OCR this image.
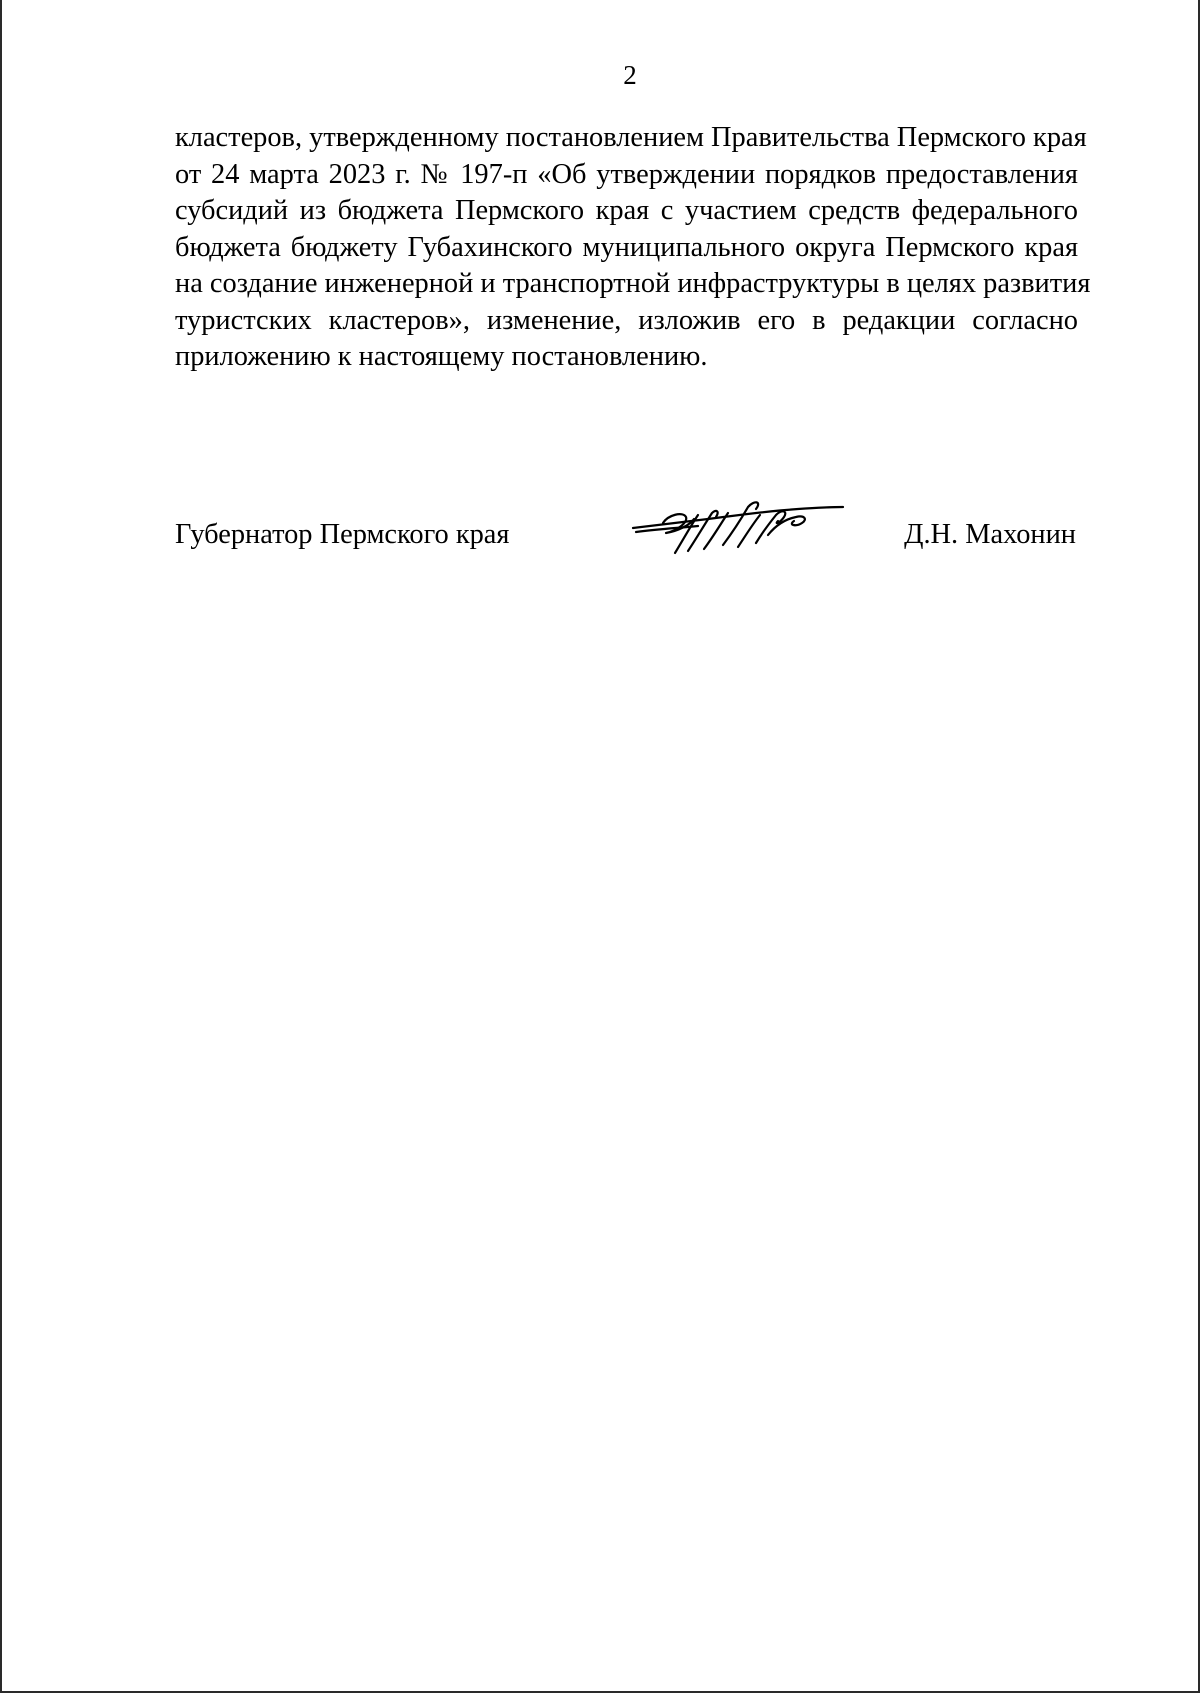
2
кластеров, утвержденному постановлением Правительства Пермского края
от 24 марта 2023 г. № 197-п «Об утверждении порядков предоставления
субсидий из бюджета Пермского края с участием средств федерального
бюджета бюджету Губахинского муниципального округа Пермского края
на создание инженерной и транспортной инфраструктуры в целях развития
туристских кластеров», изменение, изложив его в редакции согласно
приложению к настоящему постановлению.
Губернатор Пермского края	Д.Н. Махонин
